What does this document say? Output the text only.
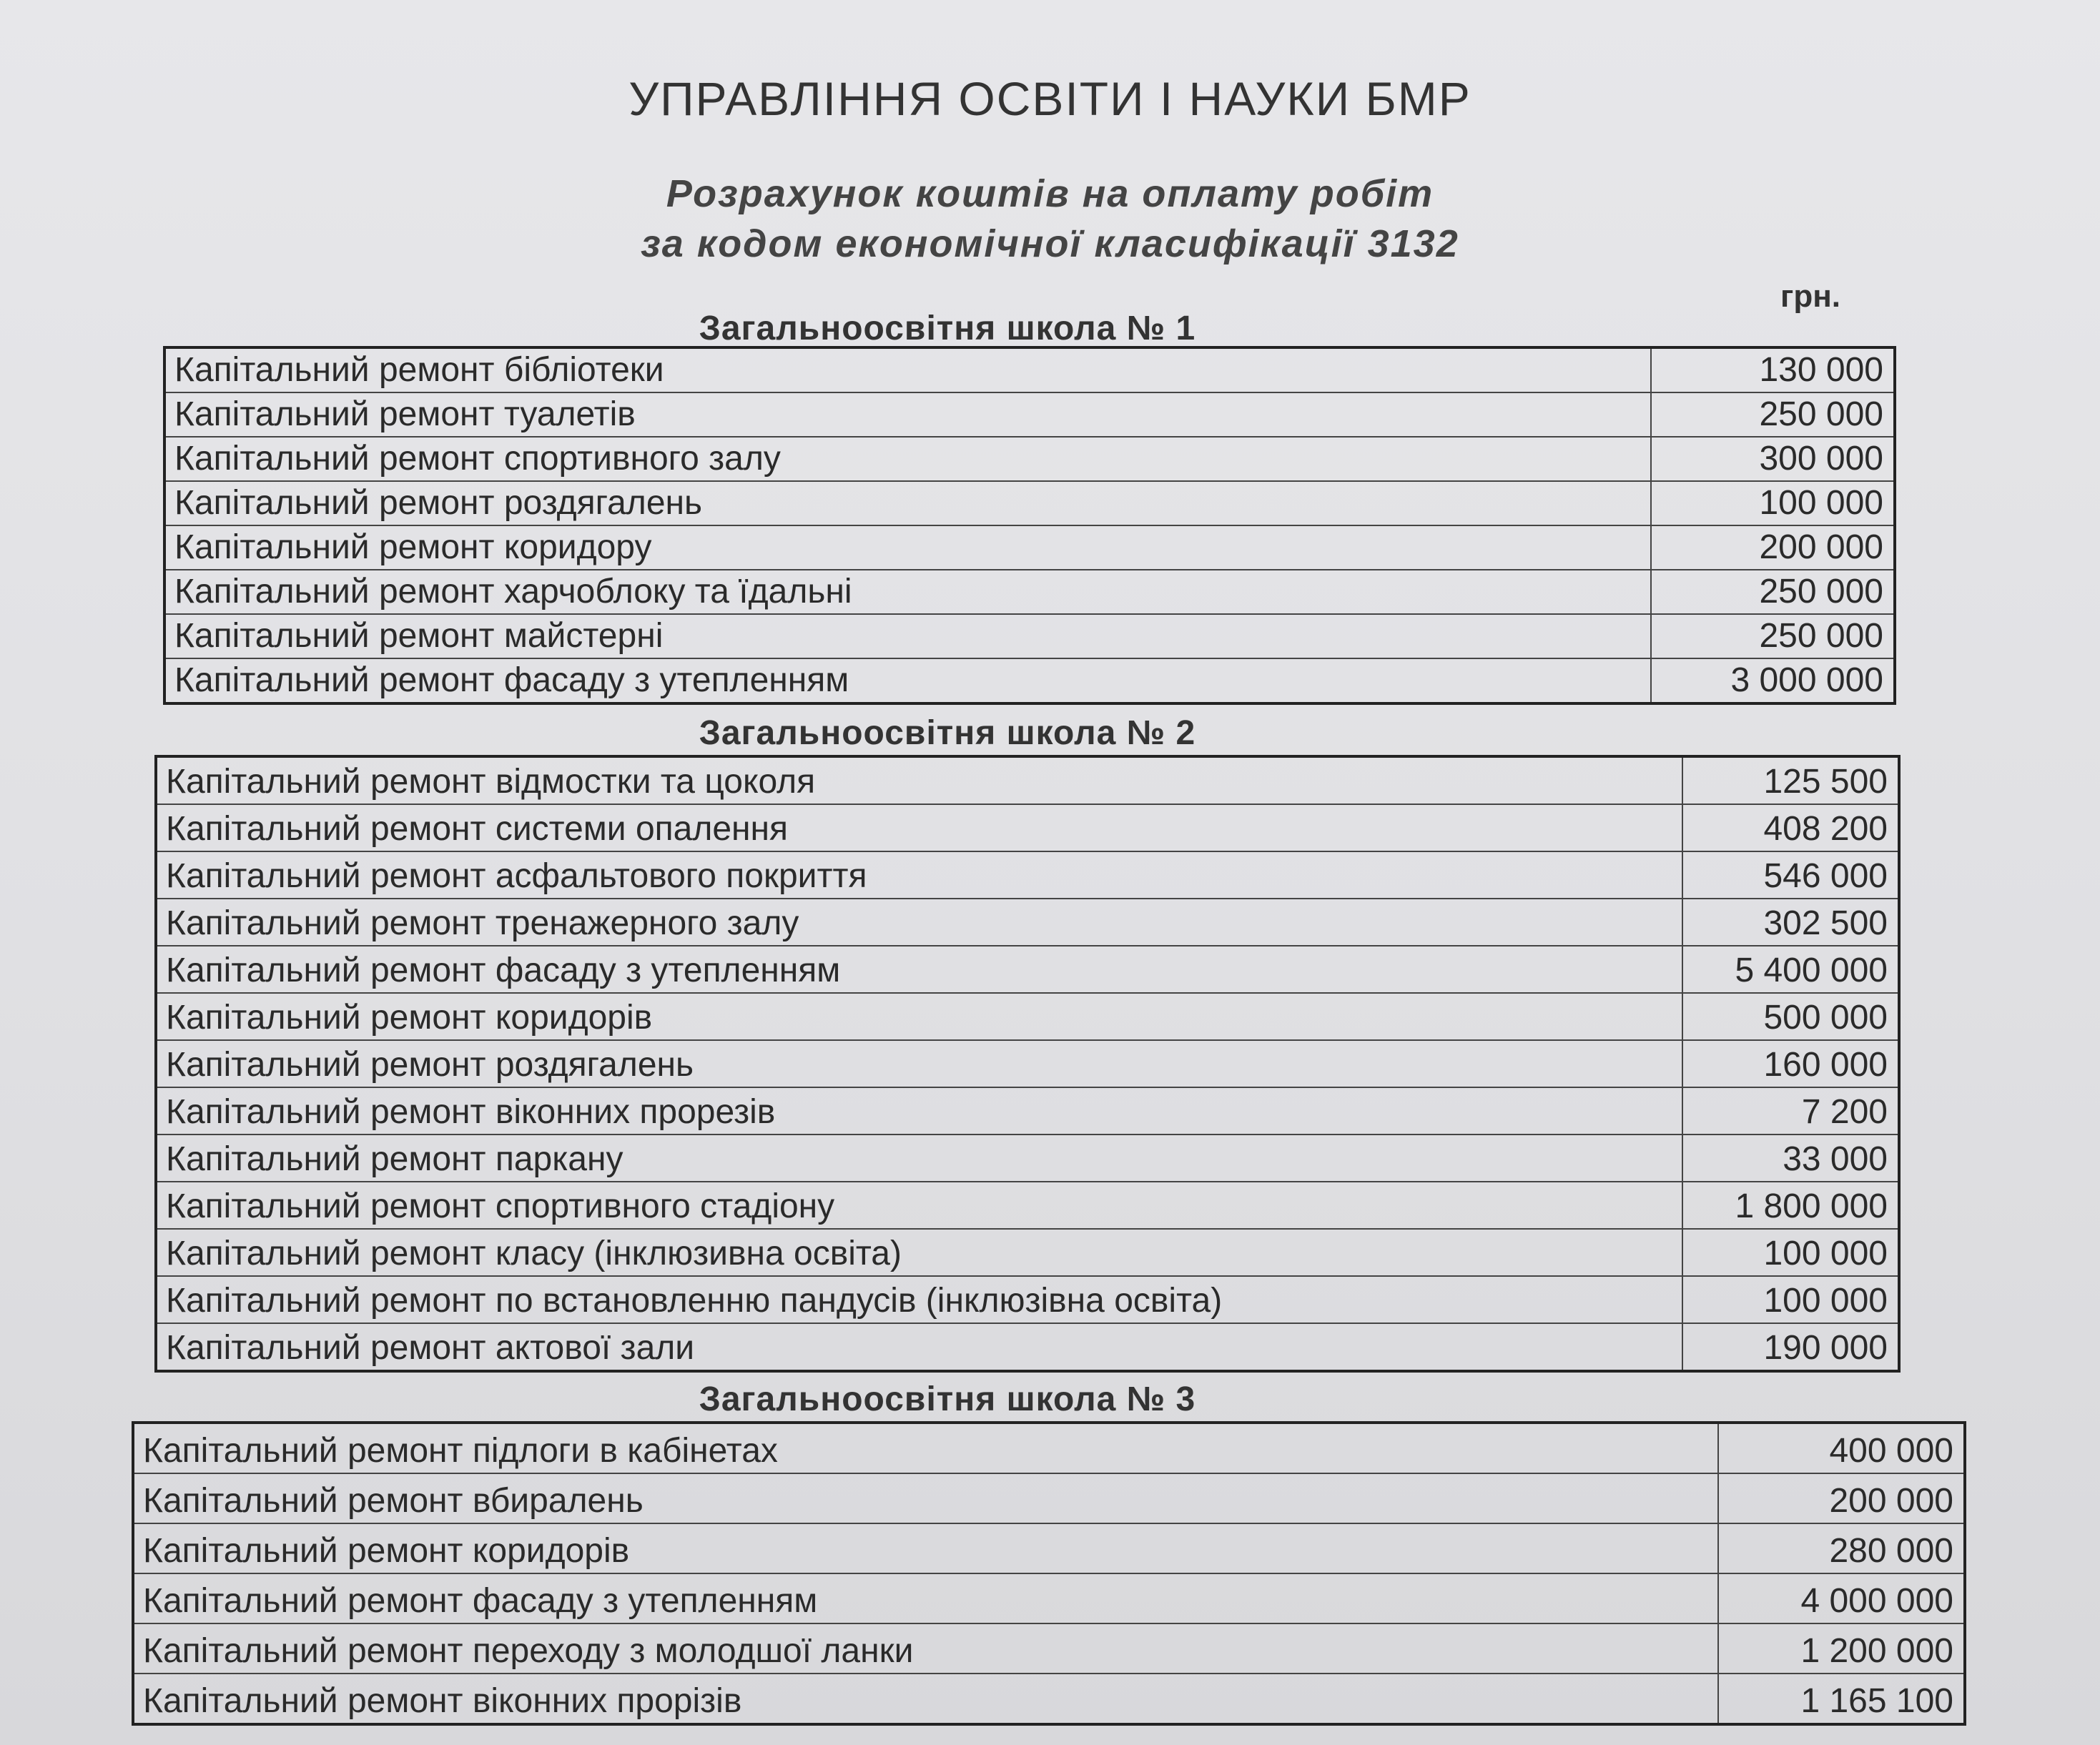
УПРАВЛІННЯ ОСВІТИ І НАУКИ БМР
Розрахунок коштів на оплату робіт
за кодом економічної класифікації 3132
грн.
Загальноосвітня школа № 1
Капітальний ремонт бібліотеки	130 000
Капітальний ремонт туалетів	250 000
Капітальний ремонт спортивного залу	300 000
Капітальний ремонт роздягалень	100 000
Капітальний ремонт коридору	200 000
Капітальний ремонт харчоблоку та їдальні	250 000
Капітальний ремонт майстерні	250 000
Капітальний ремонт фасаду з утепленням	3 000 000
Загальноосвітня школа № 2
Капітальний ремонт відмостки та цоколя	125 500
Капітальний ремонт системи опалення	408 200
Капітальний ремонт асфальтового покриття	546 000
Капітальний ремонт тренажерного залу	302 500
Капітальний ремонт фасаду з утепленням	5 400 000
Капітальний ремонт коридорів	500 000
Капітальний ремонт роздягалень	160 000
Капітальний ремонт віконних прорезів	7 200
Капітальний ремонт паркану	33 000
Капітальний ремонт спортивного стадіону	1 800 000
Капітальний ремонт класу (інклюзивна освіта)	100 000
Капітальний ремонт по встановленню пандусів (інклюзівна освіта)	100 000
Капітальний ремонт актової зали	190 000
Загальноосвітня школа № 3
Капітальний ремонт підлоги в кабінетах	400 000
Капітальний ремонт вбиралень	200 000
Капітальний ремонт коридорів	280 000
Капітальний ремонт фасаду з утепленням	4 000 000
Капітальний ремонт переходу з молодшої ланки	1 200 000
Капітальний ремонт віконних прорізів	1 165 100
